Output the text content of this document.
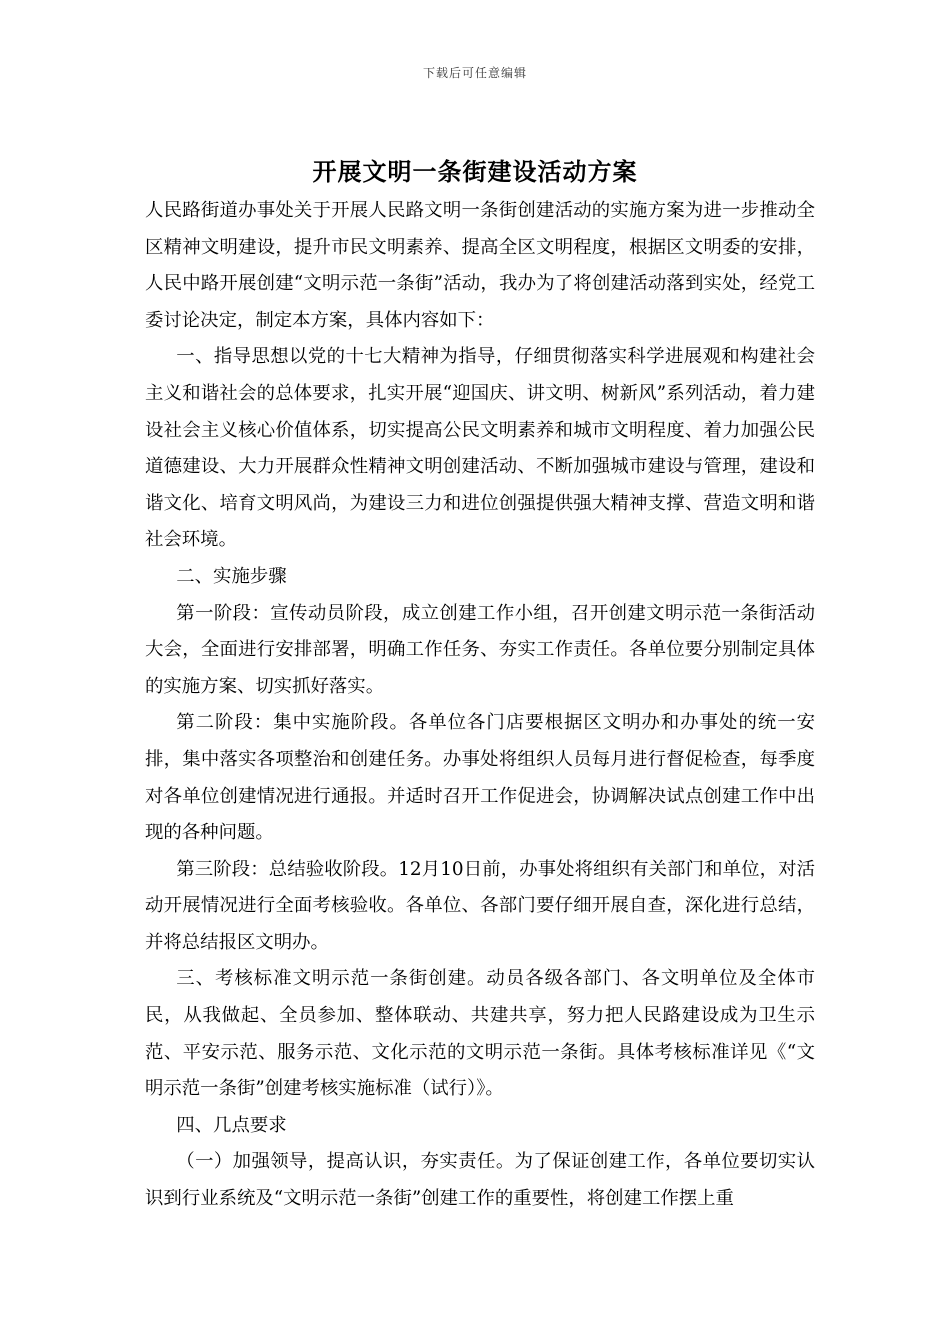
下载后可任意编辑
开展文明一条街建设活动方案

人民路街道办事处关于开展人民路文明一条街创建活动的实施方案为进一步推动全区精神文明建设，提升市民文明素养、提高全区文明程度，根据区文明委的安排，人民中路开展创建“文明示范一条街”活动，我办为了将创建活动落到实处，经党工委讨论决定，制定本方案，具体内容如下：

一、指导思想以党的十七大精神为指导，仔细贯彻落实科学进展观和构建社会主义和谐社会的总体要求，扎实开展“迎国庆、讲文明、树新风”系列活动，着力建设社会主义核心价值体系，切实提高公民文明素养和城市文明程度、着力加强公民道德建设、大力开展群众性精神文明创建活动、不断加强城市建设与管理，建设和谐文化、培育文明风尚，为建设三力和进位创强提供强大精神支撑、营造文明和谐社会环境。

二、实施步骤

第一阶段：宣传动员阶段，成立创建工作小组，召开创建文明示范一条街活动大会，全面进行安排部署，明确工作任务、夯实工作责任。各单位要分别制定具体的实施方案、切实抓好落实。

第二阶段：集中实施阶段。各单位各门店要根据区文明办和办事处的统一安排，集中落实各项整治和创建任务。办事处将组织人员每月进行督促检查，每季度对各单位创建情况进行通报。并适时召开工作促进会，协调解决试点创建工作中出现的各种问题。

第三阶段：总结验收阶段。12月10日前，办事处将组织有关部门和单位，对活动开展情况进行全面考核验收。各单位、各部门要仔细开展自查，深化进行总结，并将总结报区文明办。

三、考核标准文明示范一条街创建。动员各级各部门、各文明单位及全体市民，从我做起、全员参加、整体联动、共建共享，努力把人民路建设成为卫生示范、平安示范、服务示范、文化示范的文明示范一条街。具体考核标准详见《“文明示范一条街”创建考核实施标准（试行）》。

四、几点要求

（一）加强领导，提高认识，夯实责任。为了保证创建工作，各单位要切实认识到行业系统及“文明示范一条街”创建工作的重要性，将创建工作摆上重
